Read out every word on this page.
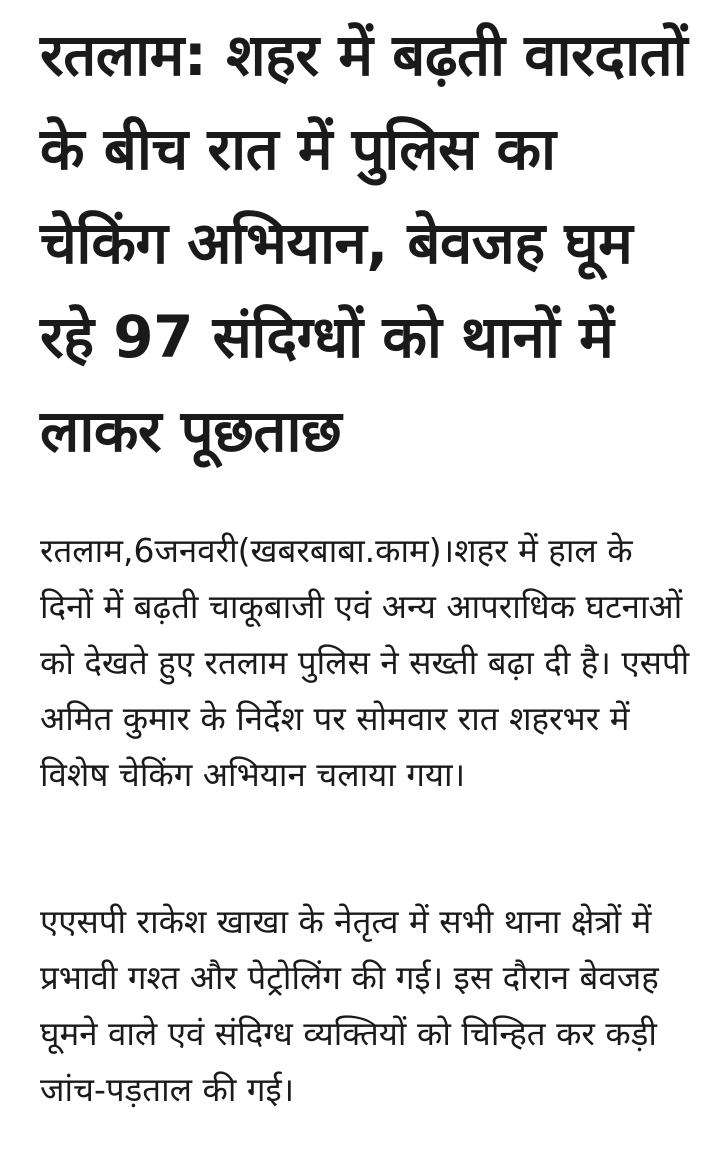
रतलाम: शहर में बढ़ती वारदातों के बीच रात में पुलिस का चेकिंग अभियान, बेवजह घूम रहे 97 संदिग्धों को थानों में लाकर पूछताछ

रतलाम,6जनवरी(खबरबाबा.काम)।शहर में हाल के दिनों में बढ़ती चाकूबाजी एवं अन्य आपराधिक घटनाओं को देखते हुए रतलाम पुलिस ने सख्ती बढ़ा दी है। एसपी अमित कुमार के निर्देश पर सोमवार रात शहरभर में विशेष चेकिंग अभियान चलाया गया।

एएसपी राकेश खाखा के नेतृत्व में सभी थाना क्षेत्रों में प्रभावी गश्त और पेट्रोलिंग की गई। इस दौरान बेवजह घूमने वाले एवं संदिग्ध व्यक्तियों को चिन्हित कर कड़ी जांच-पड़ताल की गई।
